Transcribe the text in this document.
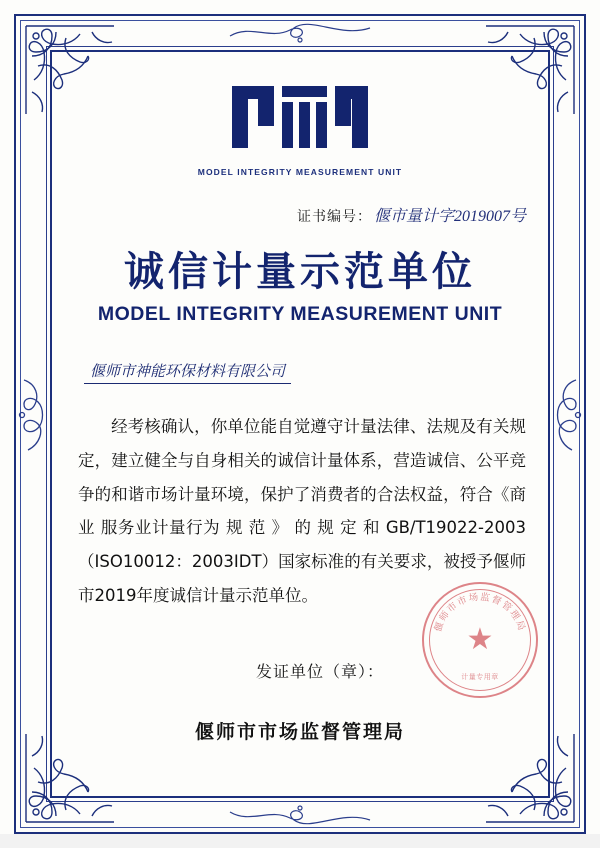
MODEL INTEGRITY MEASUREMENT UNIT
证书编号： 偃市量计字2019007号
诚信计量示范单位
MODEL INTEGRITY MEASUREMENT UNIT
偃师市神能环保材料有限公司
经考核确认，你单位能自觉遵守计量法律、法规及有关规定，建立健全与自身相关的诚信计量体系，营造诚信、公平竞争的和谐市场计量环境，保护了消费者的合法权益，符合《商业 服务业计量行为 规 范 》 的 规 定 和 GB/T19022-2003（ISO10012：2003IDT）国家标准的有关要求，被授予偃师市2019年度诚信计量示范单位。
发证单位（章）：
偃师市市场监督管理局
偃师市市场监督管理局
★
计量专用章
